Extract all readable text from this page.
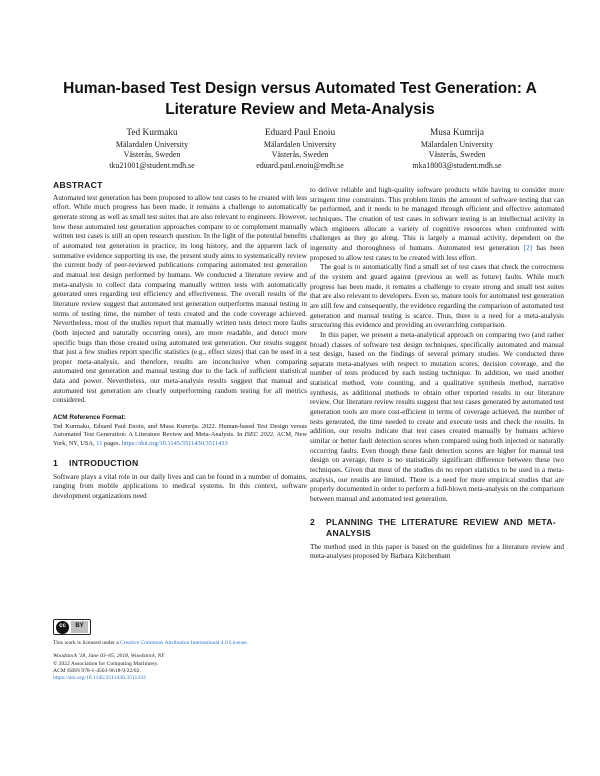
Human-based Test Design versus Automated Test Generation: A Literature Review and Meta-Analysis
Ted Kurmaku
Mälardalen University
Västerås, Sweden
tku21001@student.mdh.se
Eduard Paul Enoiu
Mälardalen University
Västerås, Sweden
eduard.paul.enoiu@mdh.se
Musa Kumrija
Mälardalen University
Västerås, Sweden
mka18003@student.mdh.se
ABSTRACT

Automated test generation has been proposed to allow test cases to be created with less effort. While much progress has been made, it remains a challenge to automatically generate strong as well as small test suites that are also relevant to engineers. However, how these automated test generation approaches compare to or complement manually written test cases is still an open research question. In the light of the potential benefits of automated test generation in practice, its long history, and the apparent lack of summative evidence supporting its use, the present study aims to systematically review the current body of peer-reviewed publications comparing automated test generation and manual test design performed by humans. We conducted a literature review and meta-analysis to collect data comparing manually written tests with automatically generated ones regarding test efficiency and effectiveness. The overall results of the literature review suggest that automated test generation outperforms manual testing in terms of testing time, the number of tests created and the code coverage achieved. Nevertheless, most of the studies report that manually written tests detect more faults (both injected and naturally occurring ones), are more readable, and detect more specific bugs than those created using automated test generation. Our results suggest that just a few studies report specific statistics (e.g., effect sizes) that can be used in a proper meta-analysis, and therefore, results are inconclusive when comparing automated test generation and manual testing due to the lack of sufficient statistical data and power. Nevertheless, our meta-analysis results suggest that manual and automated test generation are clearly outperforming random testing for all metrics considered.

ACM Reference Format:
Ted Kurmaku, Eduard Paul Enoiu, and Musa Kumrija. 2022. Human-based Test Design versus Automated Test Generation: A Literature Review and Meta-Analysis. In ISEC 2022. ACM, New York, NY, USA, 11 pages. https://doi.org/10.1145/3511430.3511433
1 INTRODUCTION

Software plays a vital role in our daily lives and can be found in a number of domains, ranging from mobile applications to medical systems. In this context, software development organizations need

cc	BY
This work is licensed under a Creative Commons Attribution International 4.0 License.
Woodstock '18, June 03–05, 2018, Woodstock, NY
© 2022 Association for Computing Machinery.
ACM ISBN 978-1-4503-9618-9/22/02.
https://doi.org/10.1145/3511430.3511433

to deliver reliable and high-quality software products while having to consider more stringent time constraints. This problem limits the amount of software testing that can be performed, and it needs to be managed through efficient and effective automated techniques. The creation of test cases in software testing is an intellectual activity in which engineers allocate a variety of cognitive resources when confronted with challenges as they go along. This is largely a manual activity, dependent on the ingenuity and thoroughness of humans. Automated test generation [2] has been proposed to allow test cases to be created with less effort.

The goal is to automatically find a small set of test cases that check the correctness of the system and guard against (previous as well as future) faults. While much progress has been made, it remains a challenge to create strong and small test suites that are also relevant to developers. Even so, mature tools for automated test generation are still few and consequently, the evidence regarding the comparison of automated test generation and manual testing is scarce. Thus, there is a need for a meta-analysis structuring this evidence and providing an overarching comparison.

In this paper, we present a meta-analytical approach on comparing two (and rather broad) classes of software test design techniques, specifically automated and manual test design, based on the findings of several primary studies. We conducted three separate meta-analyses with respect to mutation scores, decision coverage, and the number of tests produced by each testing technique. In addition, we used another statistical method, vote counting, and a qualitative synthesis method, narrative synthesis, as additional methods to obtain other reported results in our literature review. Our literature review results suggest that test cases generated by automated test generation tools are more cost-efficient in terms of coverage achieved, the number of tests generated, the time needed to create and execute tests and check the results. In addition, our results indicate that test cases created manually by humans achieve similar or better fault detection scores when compared using both injected or naturally occurring faults. Even though these fault detection scores are higher for manual test design on average, there is no statistically significant difference between these two techniques. Given that most of the studies do no report statistics to be used in a meta-analysis, our results are limited. There is a need for more empirical studies that are properly documented in order to perform a full-blown meta-analysis on the comparison between manual and automated test generation.

2 PLANNING THE LITERATURE REVIEW AND META-ANALYSIS

The method used in this paper is based on the guidelines for a literature review and meta-analyses proposed by Barbara Kitchenham
